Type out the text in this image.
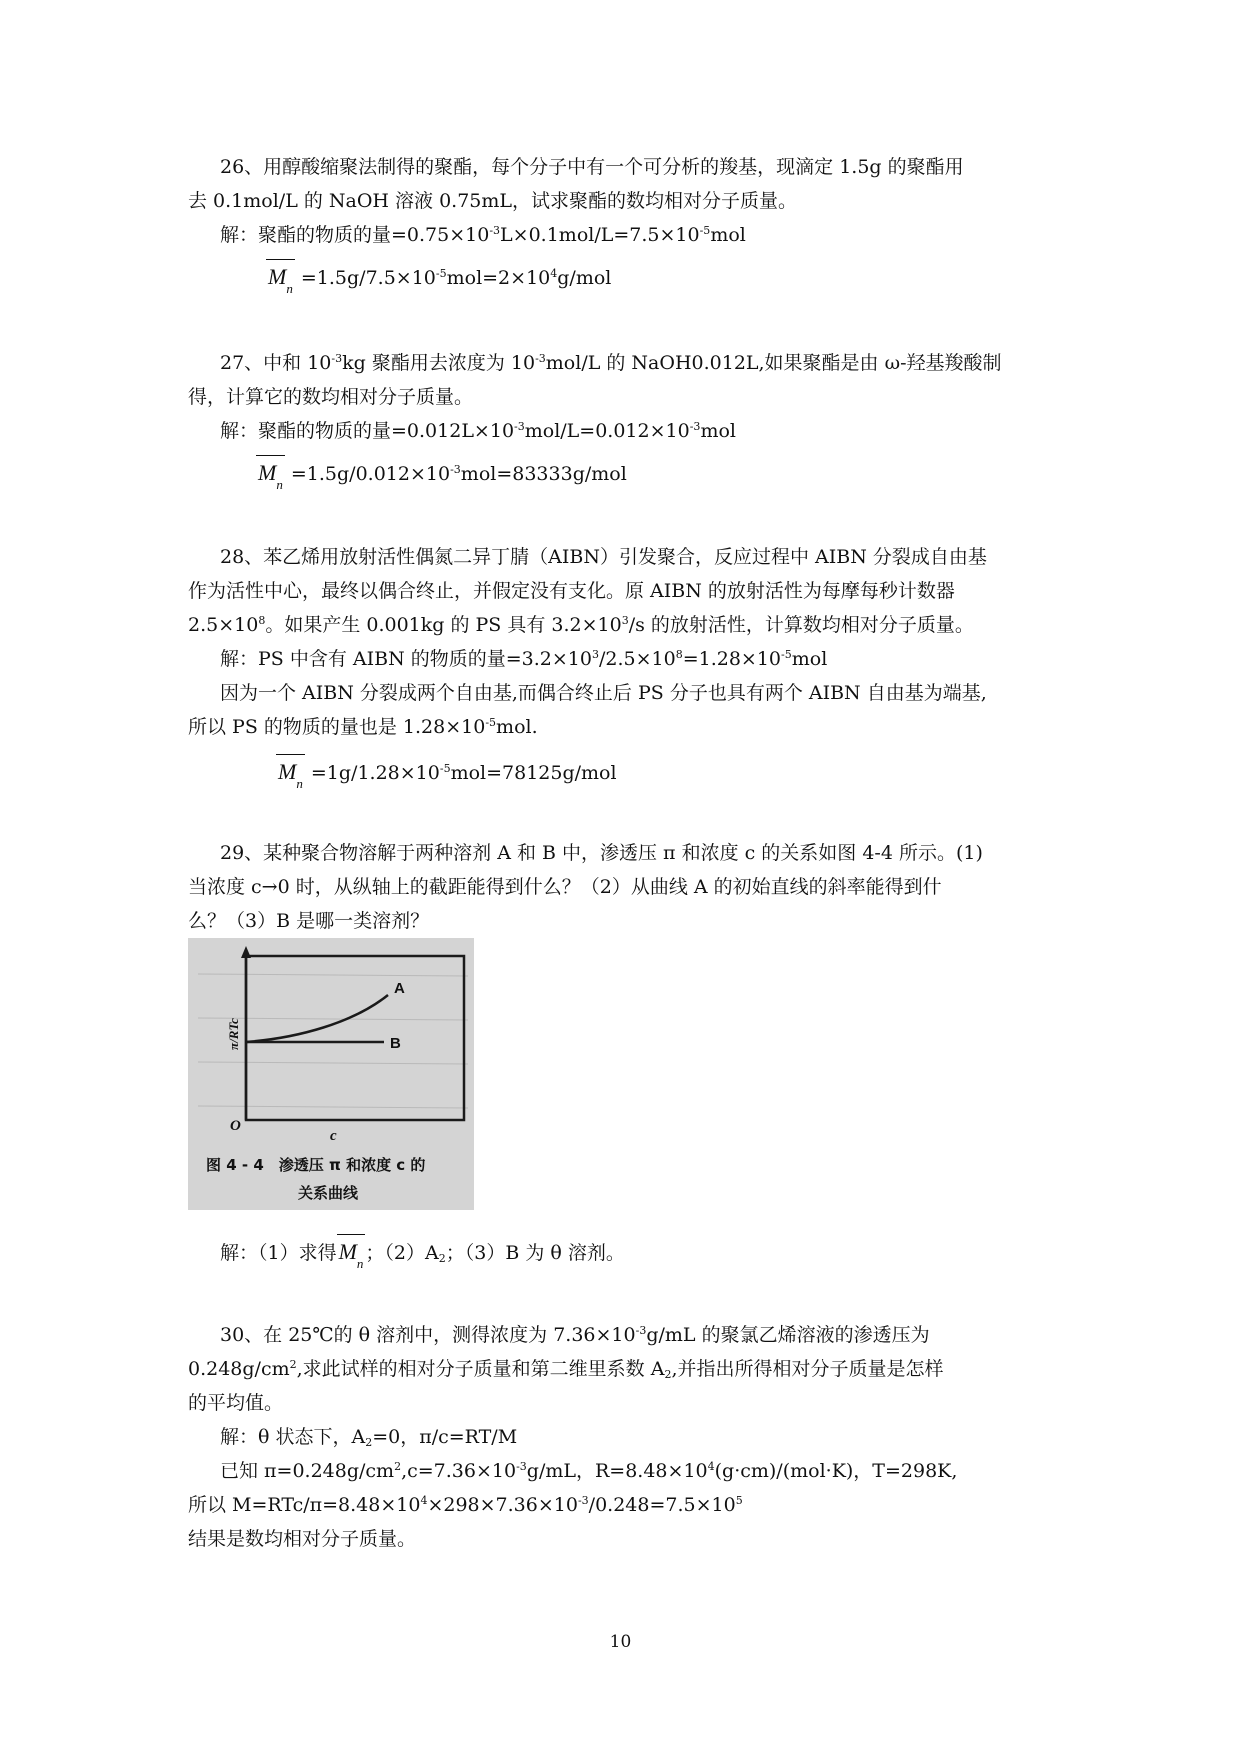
26、用醇酸缩聚法制得的聚酯，每个分子中有一个可分析的羧基，现滴定 1.5g 的聚酯用
去 0.1mol/L 的 NaOH 溶液 0.75mL，试求聚酯的数均相对分子质量。
解：聚酯的物质的量$=0.75\times 10^{-3}L\times 0.1mol/L=7.5\times 10^{-5}mol$
$M_n =1.5g/7.5\times 10^{-5}mol=2\times 10^4g/mol$
27、中和 $10^{-3}kg$ 聚酯用去浓度为 $10^{-3}mol/L$ 的 NaOH0.012L,如果聚酯是由 ω-羟基羧酸制
得，计算它的数均相对分子质量。
解：聚酯的物质的量$=0.012L\times 10^{-3}mol/L=0.012\times 10^{-3}mol$
$M_n =1.5g/0.012\times 10^{-3}mol=83333g/mol$
28、苯乙烯用放射活性偶氮二异丁腈（AIBN）引发聚合，反应过程中 AIBN 分裂成自由基
作为活性中心，最终以偶合终止，并假定没有支化。原 AIBN 的放射活性为每摩每秒计数器
$2.5\times 10^8$。如果产生 0.001kg 的 PS 具有 $3.2\times 10^3/s$ 的放射活性，计算数均相对分子质量。
解：PS 中含有 AIBN 的物质的量$=3.2\times 10^3/2.5\times 10^8=1.28\times 10^{-5}mol$
因为一个 AIBN 分裂成两个自由基,而偶合终止后 PS 分子也具有两个 AIBN 自由基为端基,
所以 PS 的物质的量也是 $1.28\times 10^{-5}mol$.
$M_n =1g/1.28\times 10^{-5}mol=78125g/mol$
29、某种聚合物溶解于两种溶剂 A 和 B 中，渗透压 π 和浓度 c 的关系如图 4-4 所示。(1)
当浓度 c→0 时，从纵轴上的截距能得到什么？（2）从曲线 A 的初始直线的斜率能得到什
么？（3）B 是哪一类溶剂？
A
B
π/RTc
O
c
图 4 - 4　渗透压 π 和浓度 c 的
关系曲线
解：（1）求得$M_n$ ；$(2)A_2$；（3）B 为 θ 溶剂。
30、在 25℃的 θ 溶剂中，测得浓度为 $7.36\times 10^{-3}g/mL$ 的聚氯乙烯溶液的渗透压为
$0.248g/cm^2$,求此试样的相对分子质量和第二维里系数 $A_2$,并指出所得相对分子质量是怎样
的平均值。
解：θ 状态下，$A_2=0$，π/c=RT/M
已知 $\pi=0.248g/cm^2,c=7.36\times 10^{-3}g/mL$，$R=8.48\times 10^4(g\cdot cm)/(mol\cdot K)$，T=298K,
所以 $M=RTc/\pi=8.48\times 10^4\times 298\times 7.36\times 10^{-3}/0.248=7.5\times 10^5$
结果是数均相对分子质量。
10
